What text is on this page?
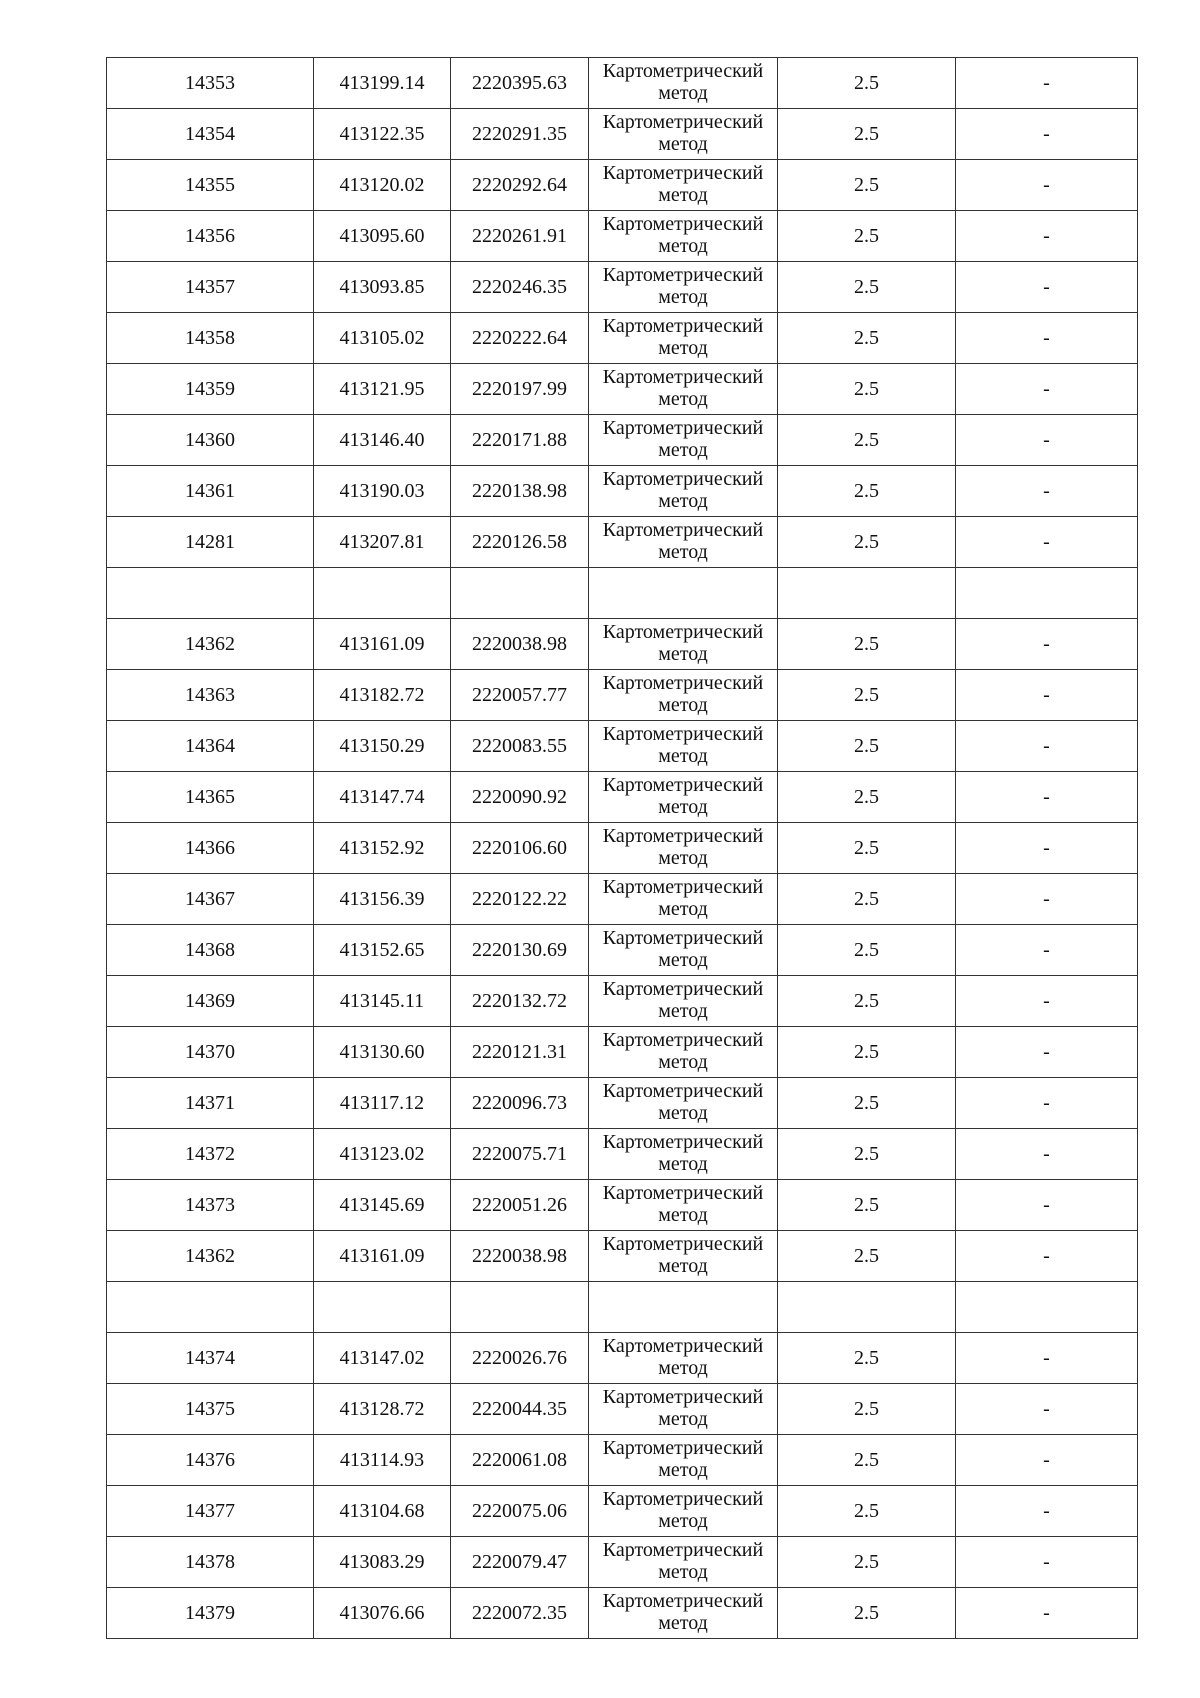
14353	413199.14	2220395.63	Картометрический метод	2.5	-
14354	413122.35	2220291.35	Картометрический метод	2.5	-
14355	413120.02	2220292.64	Картометрический метод	2.5	-
14356	413095.60	2220261.91	Картометрический метод	2.5	-
14357	413093.85	2220246.35	Картометрический метод	2.5	-
14358	413105.02	2220222.64	Картометрический метод	2.5	-
14359	413121.95	2220197.99	Картометрический метод	2.5	-
14360	413146.40	2220171.88	Картометрический метод	2.5	-
14361	413190.03	2220138.98	Картометрический метод	2.5	-
14281	413207.81	2220126.58	Картометрический метод	2.5	-

14362	413161.09	2220038.98	Картометрический метод	2.5	-
14363	413182.72	2220057.77	Картометрический метод	2.5	-
14364	413150.29	2220083.55	Картометрический метод	2.5	-
14365	413147.74	2220090.92	Картометрический метод	2.5	-
14366	413152.92	2220106.60	Картометрический метод	2.5	-
14367	413156.39	2220122.22	Картометрический метод	2.5	-
14368	413152.65	2220130.69	Картометрический метод	2.5	-
14369	413145.11	2220132.72	Картометрический метод	2.5	-
14370	413130.60	2220121.31	Картометрический метод	2.5	-
14371	413117.12	2220096.73	Картометрический метод	2.5	-
14372	413123.02	2220075.71	Картометрический метод	2.5	-
14373	413145.69	2220051.26	Картометрический метод	2.5	-
14362	413161.09	2220038.98	Картометрический метод	2.5	-

14374	413147.02	2220026.76	Картометрический метод	2.5	-
14375	413128.72	2220044.35	Картометрический метод	2.5	-
14376	413114.93	2220061.08	Картометрический метод	2.5	-
14377	413104.68	2220075.06	Картометрический метод	2.5	-
14378	413083.29	2220079.47	Картометрический метод	2.5	-
14379	413076.66	2220072.35	Картометрический метод	2.5	-
